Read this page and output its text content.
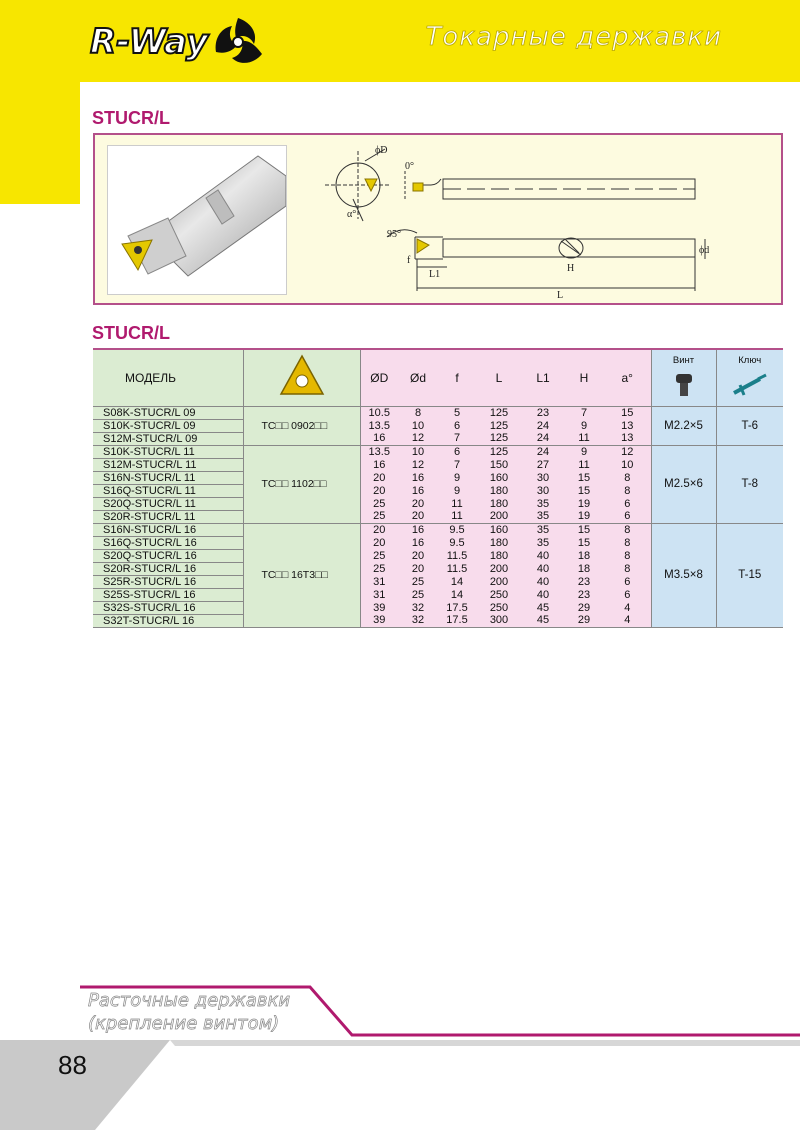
R-Way	Токарные державки
STUCR/L
ϕD
0°
α°
95°
f
L1
L
H
ϕd
STUCR/L
МОДЕЛЬ		ØD	Ød	f	L	L1	H	a°	Винт	Ключ

S08K-STUCR/L 09	TC□□ 0902□□	10.5	8	5	125	23	7	15	M2.2×5	T-6
S10K-STUCR/L 09		13.5	10	6	125	24	9	13		
S12M-STUCR/L 09		16	12	7	125	24	11	13		
S10K-STUCR/L 11	TC□□ 1102□□	13.5	10	6	125	24	9	12	M2.5×6	T-8
S12M-STUCR/L 11		16	12	7	150	27	11	10		
S16N-STUCR/L 11		20	16	9	160	30	15	8		
S16Q-STUCR/L 11		20	16	9	180	30	15	8		
S20Q-STUCR/L 11		25	20	11	180	35	19	6		
S20R-STUCR/L 11		25	20	11	200	35	19	6		
S16N-STUCR/L 16	TC□□ 16T3□□	20	16	9.5	160	35	15	8	M3.5×8	T-15
S16Q-STUCR/L 16		20	16	9.5	180	35	15	8		
S20Q-STUCR/L 16		25	20	11.5	180	40	18	8		
S20R-STUCR/L 16		25	20	11.5	200	40	18	8		
S25R-STUCR/L 16		31	25	14	200	40	23	6		
S25S-STUCR/L 16		31	25	14	250	40	23	6		
S32S-STUCR/L 16		39	32	17.5	250	45	29	4		
S32T-STUCR/L 16		39	32	17.5	300	45	29	4		
Расточные державки
(крепление винтом)
88
